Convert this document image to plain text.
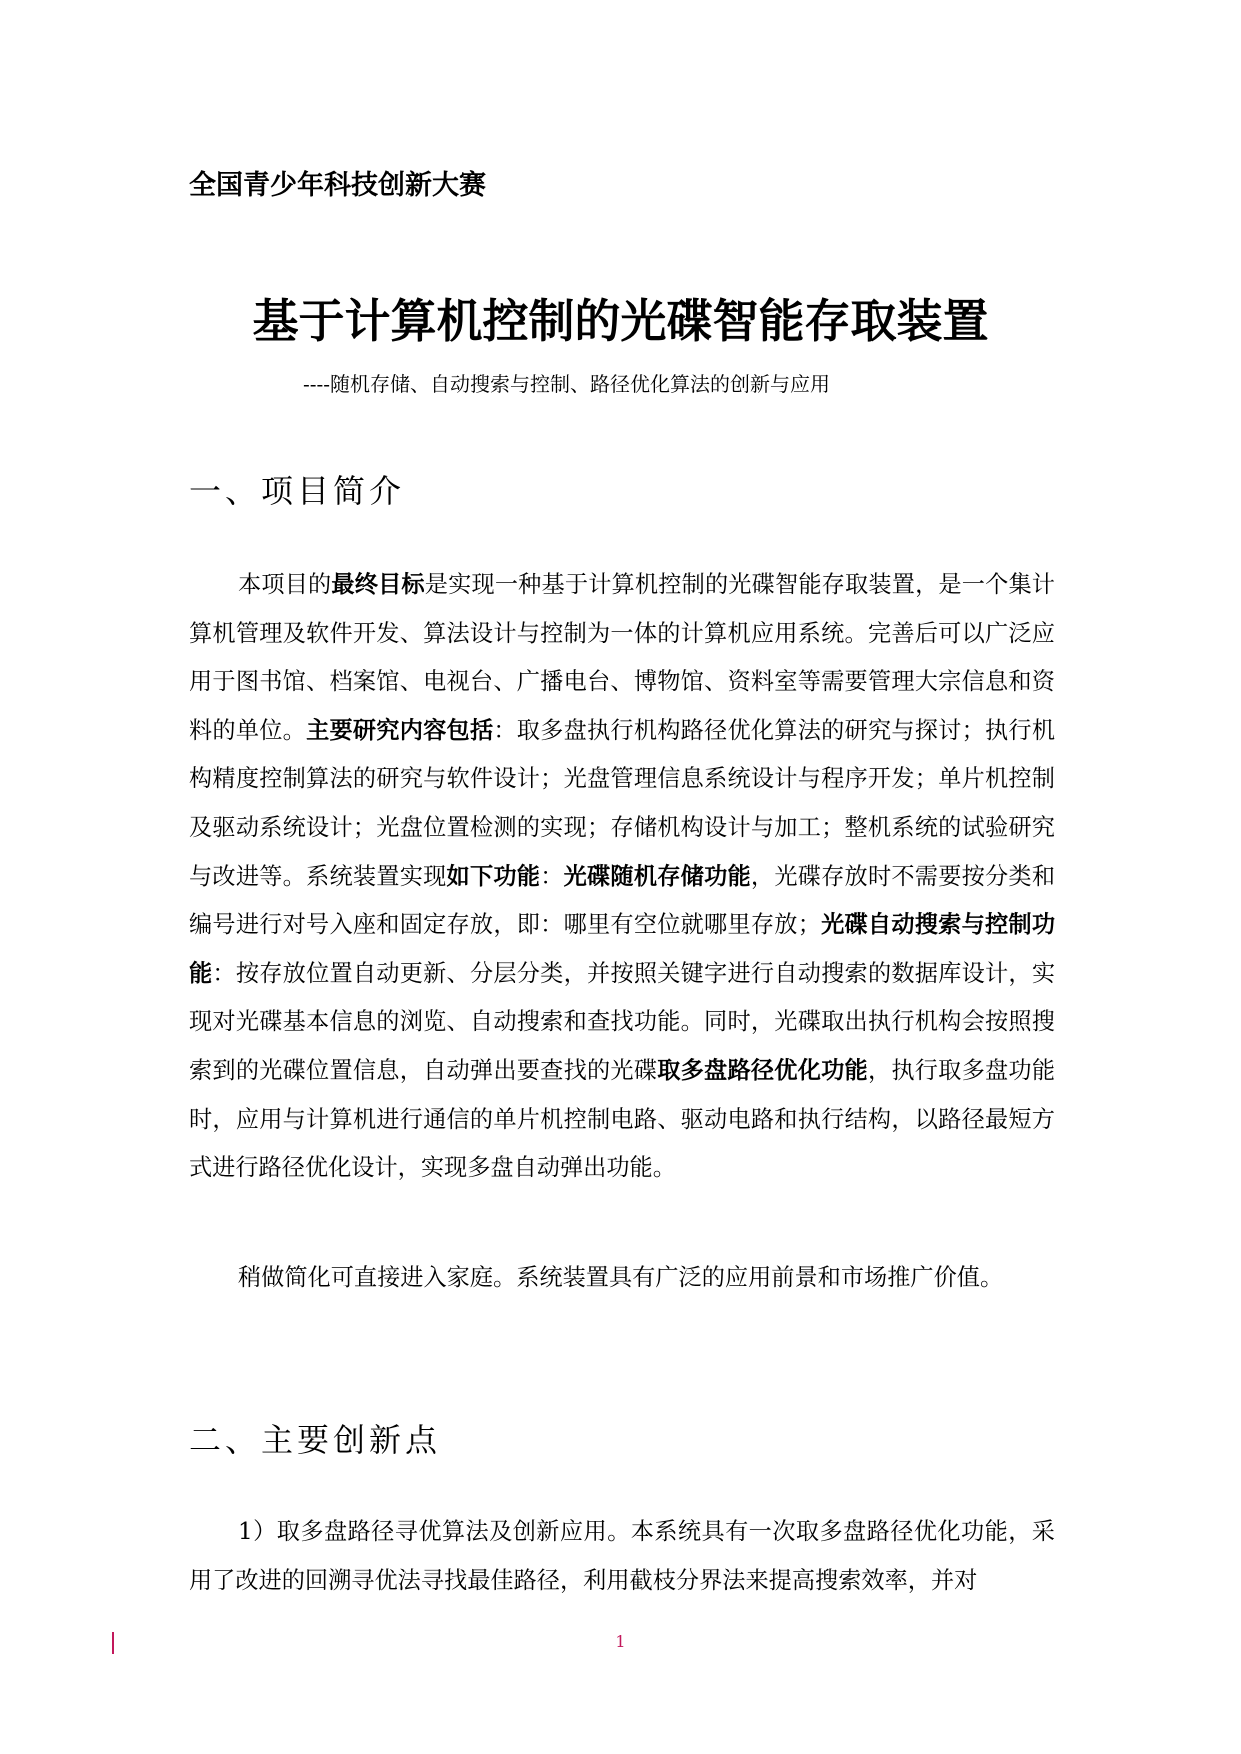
全国青少年科技创新大赛
基于计算机控制的光碟智能存取装置
----随机存储、自动搜索与控制、路径优化算法的创新与应用
一、项目简介

本项目的最终目标是实现一种基于计算机控制的光碟智能存取装置，是一个集计算机管理及软件开发、算法设计与控制为一体的计算机应用系统。完善后可以广泛应用于图书馆、档案馆、电视台、广播电台、博物馆、资料室等需要管理大宗信息和资料的单位。主要研究内容包括：取多盘执行机构路径优化算法的研究与探讨；执行机构精度控制算法的研究与软件设计；光盘管理信息系统设计与程序开发；单片机控制及驱动系统设计；光盘位置检测的实现；存储机构设计与加工；整机系统的试验研究与改进等。系统装置实现如下功能：光碟随机存储功能，光碟存放时不需要按分类和编号进行对号入座和固定存放，即：哪里有空位就哪里存放；光碟自动搜索与控制功能：按存放位置自动更新、分层分类，并按照关键字进行自动搜索的数据库设计，实现对光碟基本信息的浏览、自动搜索和查找功能。同时，光碟取出执行机构会按照搜索到的光碟位置信息，自动弹出要查找的光碟取多盘路径优化功能，执行取多盘功能时，应用与计算机进行通信的单片机控制电路、驱动电路和执行结构，以路径最短方式进行路径优化设计，实现多盘自动弹出功能。

稍做简化可直接进入家庭。系统装置具有广泛的应用前景和市场推广价值。

二、主要创新点

1）取多盘路径寻优算法及创新应用。本系统具有一次取多盘路径优化功能，采用了改进的回溯寻优法寻找最佳路径，利用截枝分界法来提高搜索效率，并对

1
